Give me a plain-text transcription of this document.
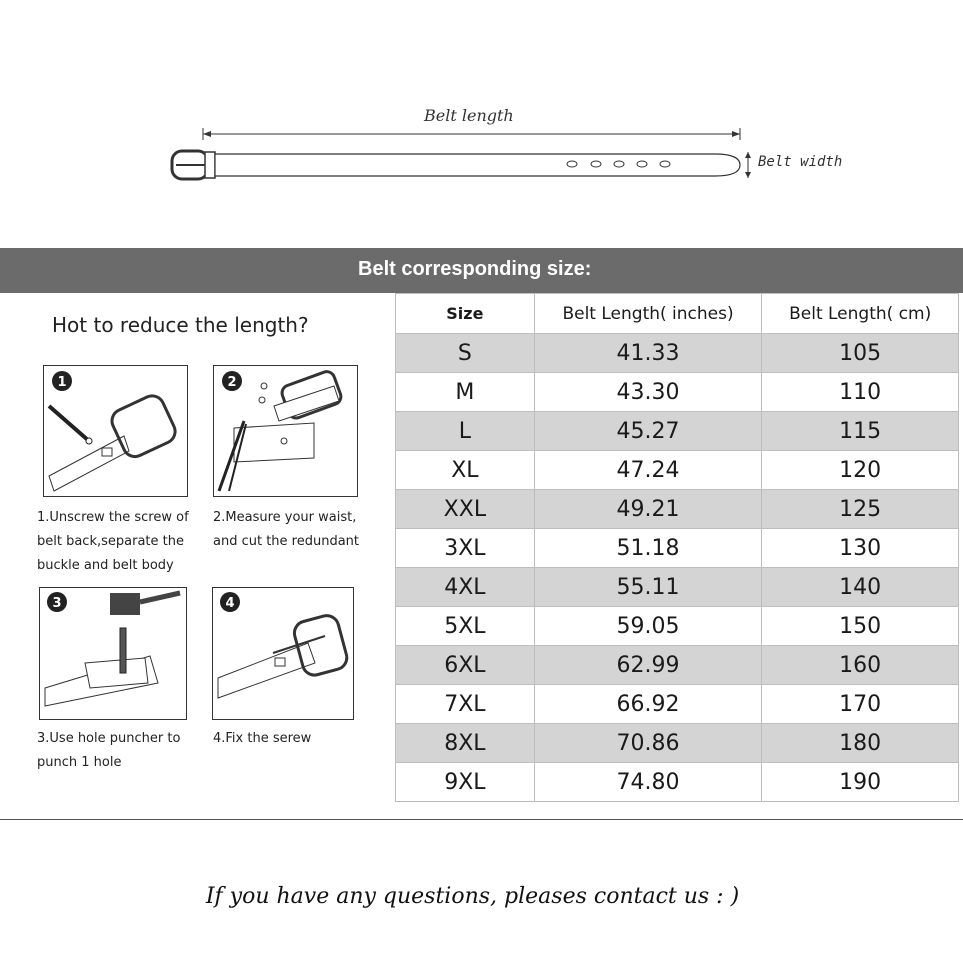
Belt length
Belt width
Belt corresponding size:
Hot to reduce the length?
1	2
1.Unscrew the screw of belt back,separate the buckle and belt body
2.Measure your waist, and cut the redundant
3	4
3.Use hole puncher to punch 1 hole
4.Fix the serew
Size	Belt Length( inches)	Belt Length( cm)
S	41.33	105
M	43.30	110
L	45.27	115
XL	47.24	120
XXL	49.21	125
3XL	51.18	130
4XL	55.11	140
5XL	59.05	150
6XL	62.99	160
7XL	66.92	170
8XL	70.86	180
9XL	74.80	190
If you have any questions, pleases contact us : )
